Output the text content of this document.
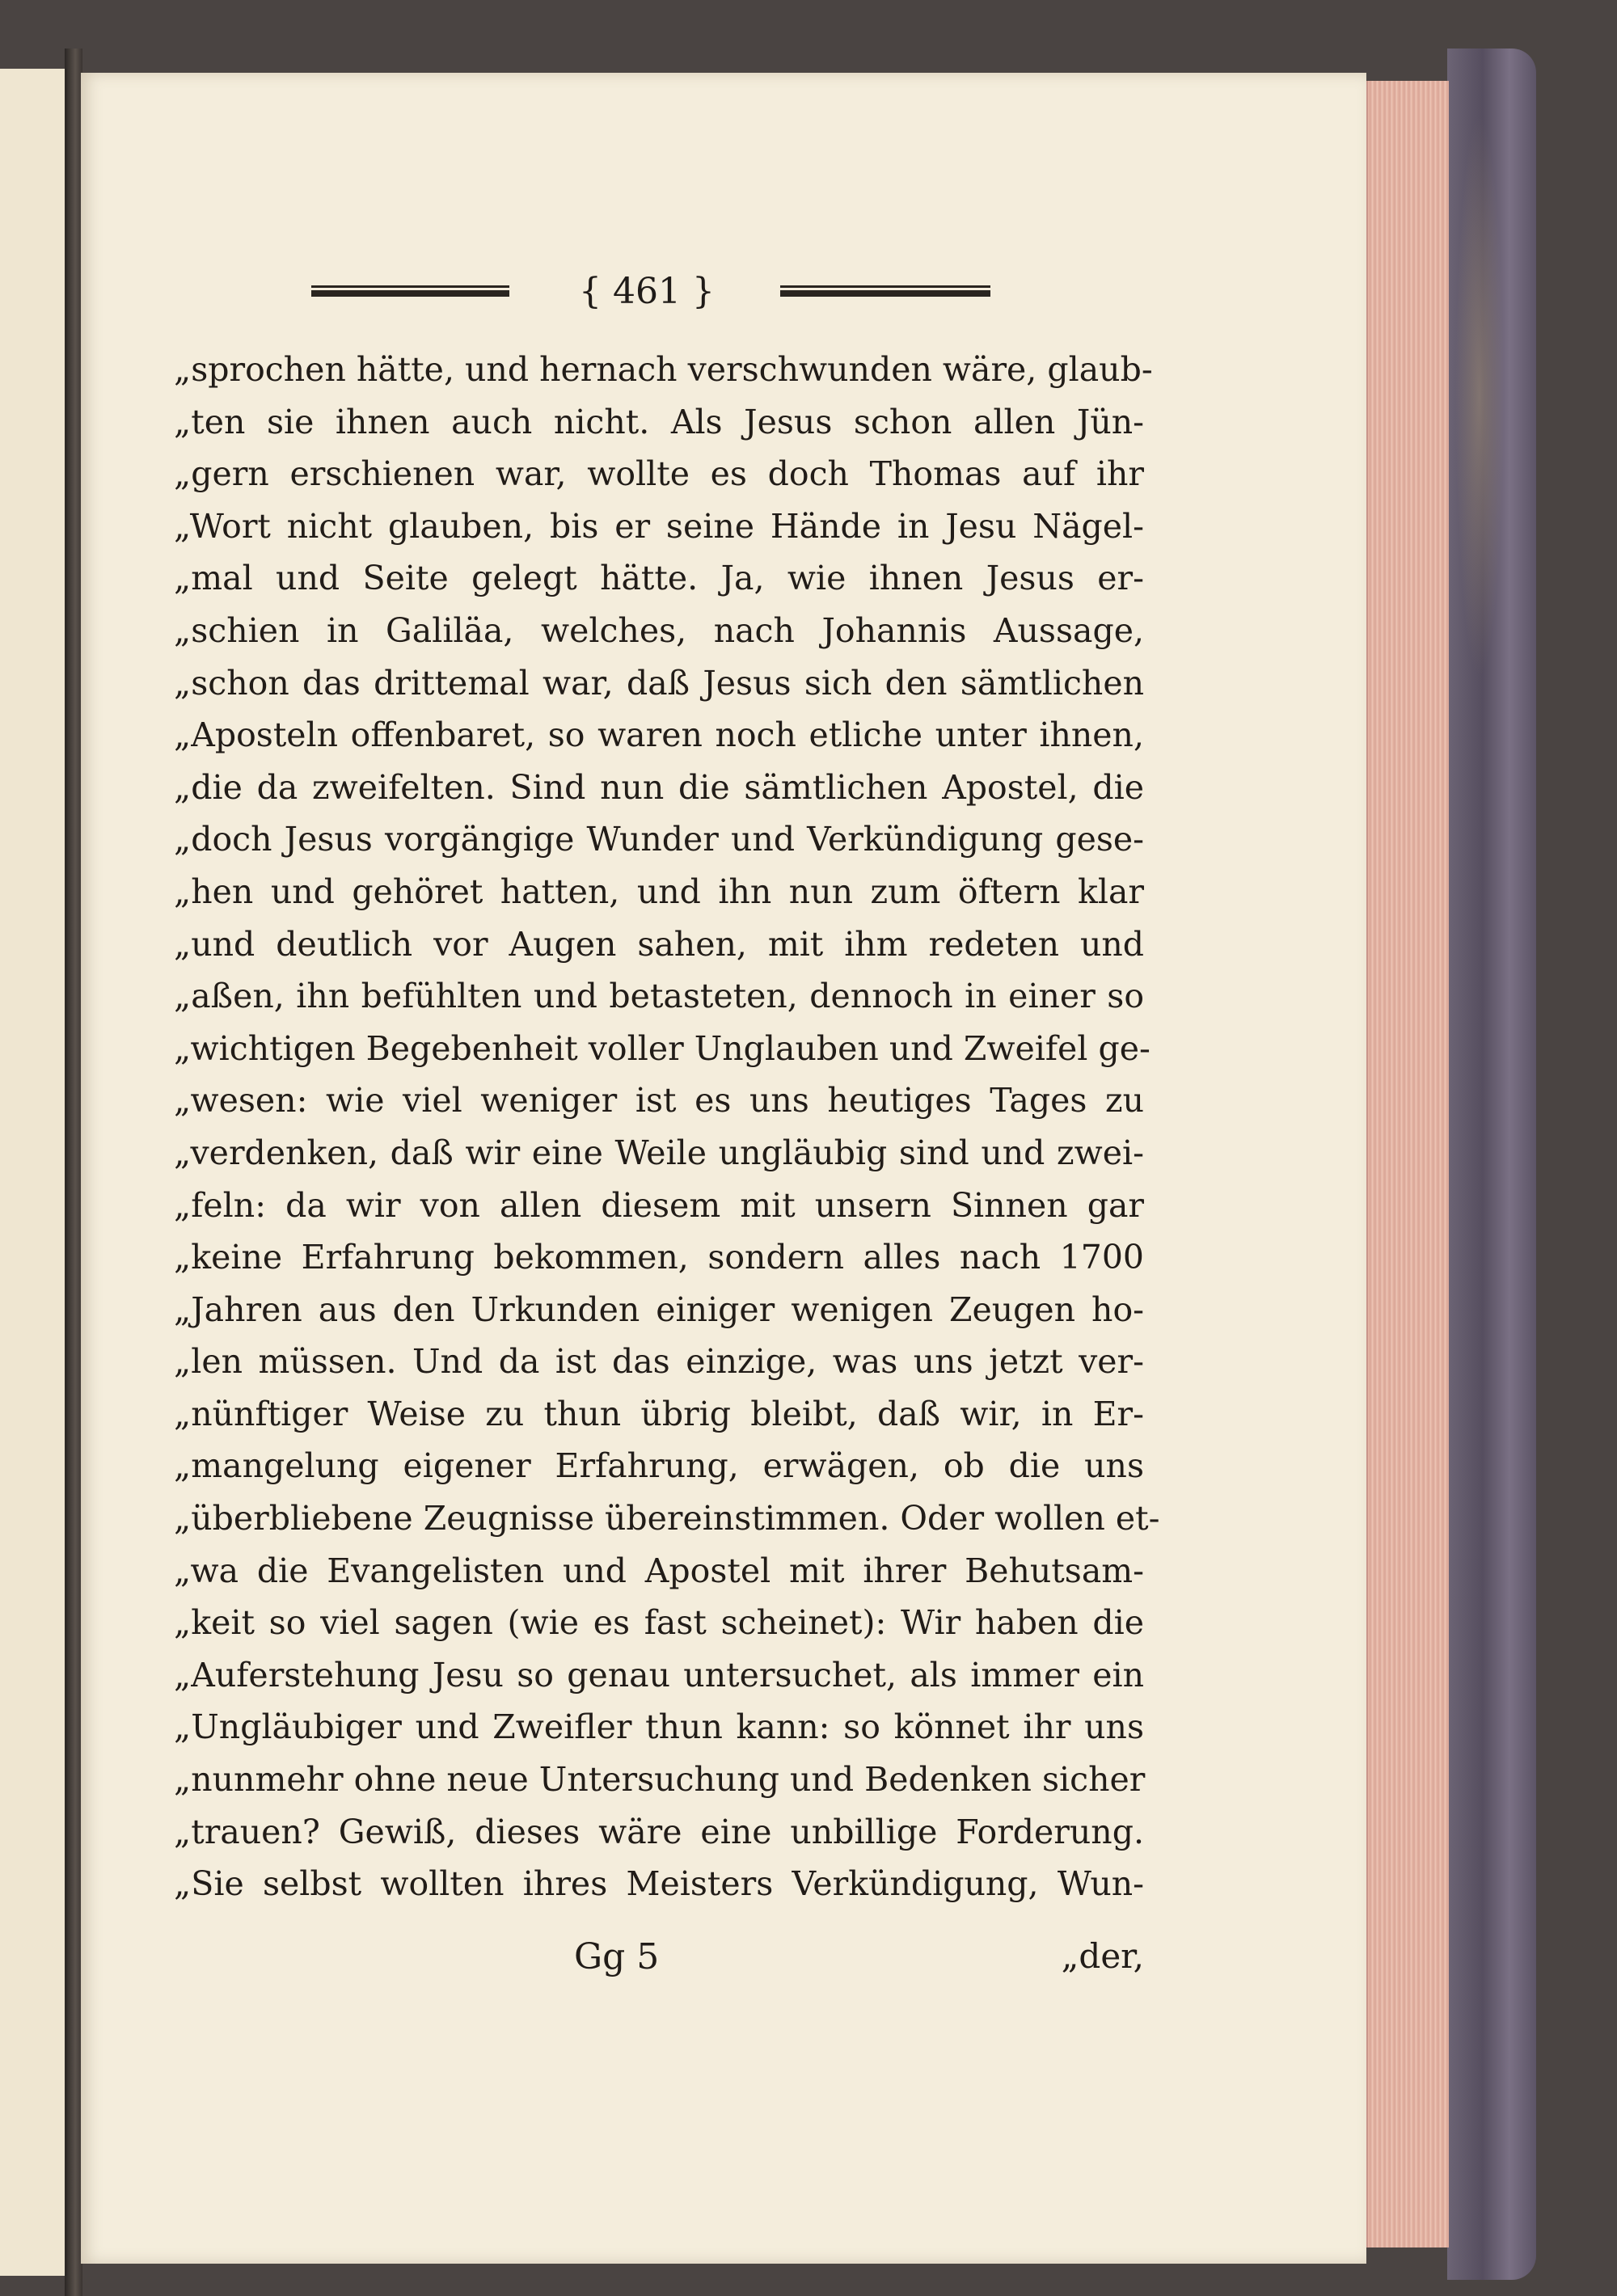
{ 461 }
„sprochen hätte, und hernach verschwunden wäre, glaub-
„ten sie ihnen auch nicht. Als Jesus schon allen Jün-
„gern erschienen war, wollte es doch Thomas auf ihr
„Wort nicht glauben, bis er seine Hände in Jesu Nägel-
„mal und Seite gelegt hätte. Ja, wie ihnen Jesus er-
„schien in Galiläa, welches, nach Johannis Aussage,
„schon das drittemal war, daß Jesus sich den sämtlichen
„Aposteln offenbaret, so waren noch etliche unter ihnen,
„die da zweifelten. Sind nun die sämtlichen Apostel, die
„doch Jesus vorgängige Wunder und Verkündigung gese-
„hen und gehöret hatten, und ihn nun zum öftern klar
„und deutlich vor Augen sahen, mit ihm redeten und
„aßen, ihn befühlten und betasteten, dennoch in einer so
„wichtigen Begebenheit voller Unglauben und Zweifel ge-
„wesen: wie viel weniger ist es uns heutiges Tages zu
„verdenken, daß wir eine Weile ungläubig sind und zwei-
„feln: da wir von allen diesem mit unsern Sinnen gar
„keine Erfahrung bekommen, sondern alles nach 1700
„Jahren aus den Urkunden einiger wenigen Zeugen ho-
„len müssen. Und da ist das einzige, was uns jetzt ver-
„nünftiger Weise zu thun übrig bleibt, daß wir, in Er-
„mangelung eigener Erfahrung, erwägen, ob die uns
„überbliebene Zeugnisse übereinstimmen. Oder wollen et-
„wa die Evangelisten und Apostel mit ihrer Behutsam-
„keit so viel sagen (wie es fast scheinet): Wir haben die
„Auferstehung Jesu so genau untersuchet, als immer ein
„Ungläubiger und Zweifler thun kann: so könnet ihr uns
„nunmehr ohne neue Untersuchung und Bedenken sicher
„trauen? Gewiß, dieses wäre eine unbillige Forderung.
„Sie selbst wollten ihres Meisters Verkündigung, Wun-
Gg 5	„der,
